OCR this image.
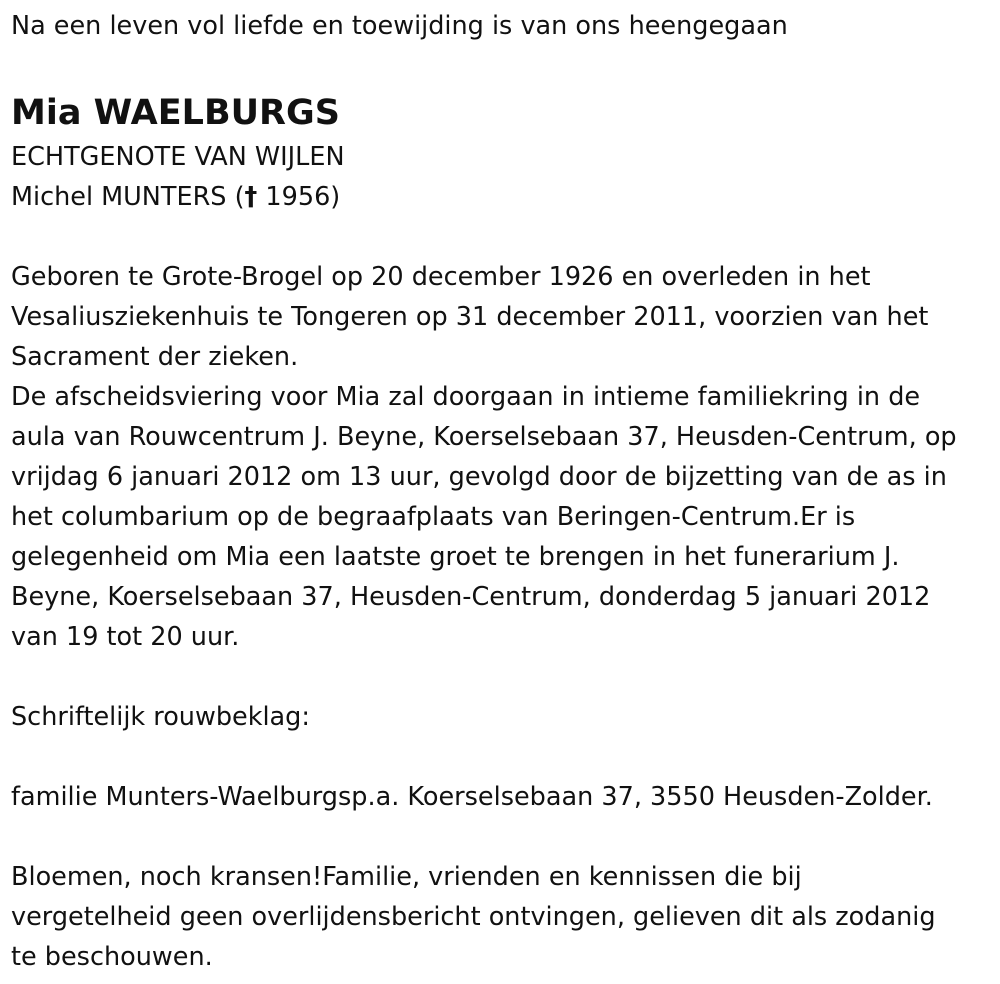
Na een leven vol liefde en toewijding is van ons heengegaan
Mia WAELBURGS
ECHTGENOTE VAN WIJLEN
Michel MUNTERS († 1956)
Geboren te Grote-Brogel op 20 december 1926 en overleden in het
Vesaliusziekenhuis te Tongeren op 31 december 2011, voorzien van het
Sacrament der zieken.
De afscheidsviering voor Mia zal doorgaan in intieme familiekring in de
aula van Rouwcentrum J. Beyne, Koerselsebaan 37, Heusden-Centrum, op
vrijdag 6 januari 2012 om 13 uur, gevolgd door de bijzetting van de as in
het columbarium op de begraafplaats van Beringen-Centrum.Er is
gelegenheid om Mia een laatste groet te brengen in het funerarium J.
Beyne, Koerselsebaan 37, Heusden-Centrum, donderdag 5 januari 2012
van 19 tot 20 uur.
Schriftelijk rouwbeklag:
familie Munters-Waelburgsp.a. Koerselsebaan 37, 3550 Heusden-Zolder.
Bloemen, noch kransen!Familie, vrienden en kennissen die bij
vergetelheid geen overlijdensbericht ontvingen, gelieven dit als zodanig
te beschouwen.
